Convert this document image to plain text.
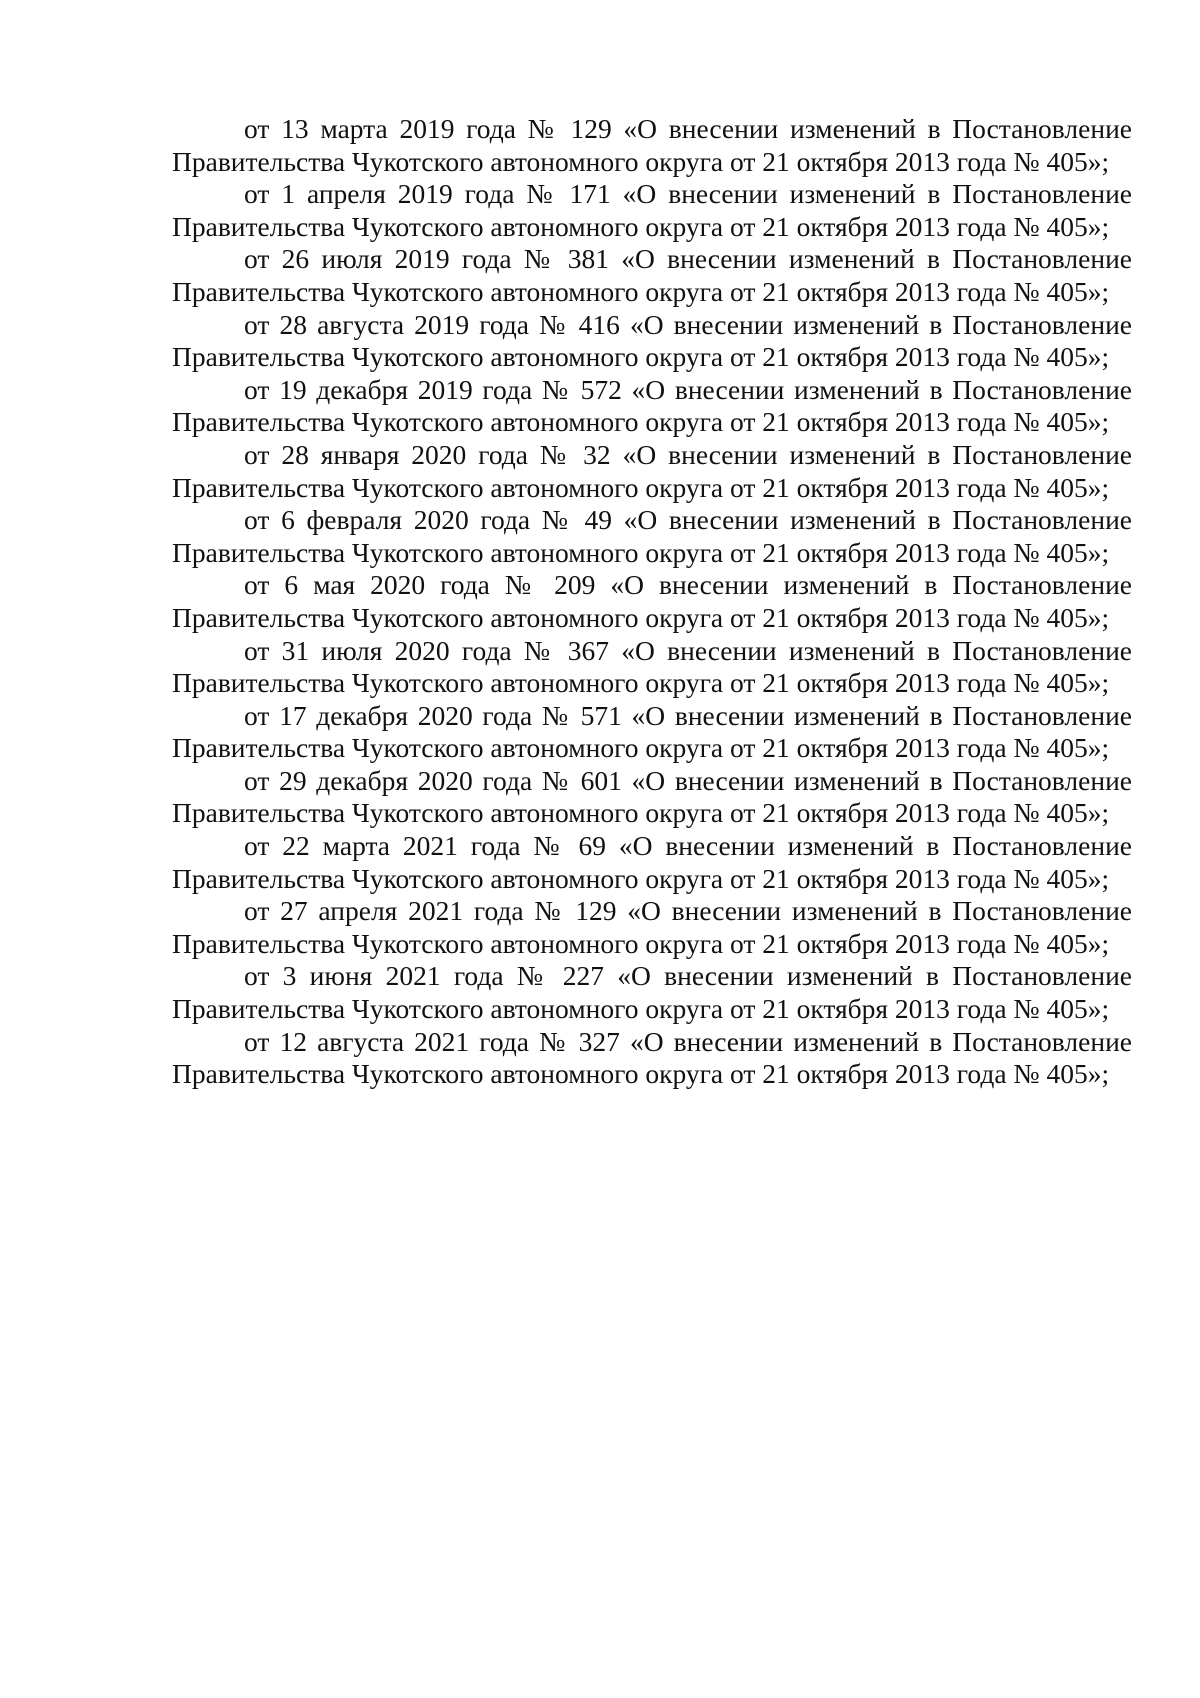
от 13 марта 2019 года № 129 «О внесении изменений в Постановление Правительства Чукотского автономного округа от 21 октября 2013 года № 405»;

от 1 апреля 2019 года № 171 «О внесении изменений в Постановление Правительства Чукотского автономного округа от 21 октября 2013 года № 405»;

от 26 июля 2019 года № 381 «О внесении изменений в Постановление Правительства Чукотского автономного округа от 21 октября 2013 года № 405»;

от 28 августа 2019 года № 416 «О внесении изменений в Постановление Правительства Чукотского автономного округа от 21 октября 2013 года № 405»;

от 19 декабря 2019 года № 572 «О внесении изменений в Постановление Правительства Чукотского автономного округа от 21 октября 2013 года № 405»;

от 28 января 2020 года № 32 «О внесении изменений в Постановление Правительства Чукотского автономного округа от 21 октября 2013 года № 405»;

от 6 февраля 2020 года № 49 «О внесении изменений в Постановление Правительства Чукотского автономного округа от 21 октября 2013 года № 405»;

от 6 мая 2020 года № 209 «О внесении изменений в Постановление Правительства Чукотского автономного округа от 21 октября 2013 года № 405»;

от 31 июля 2020 года № 367 «О внесении изменений в Постановление Правительства Чукотского автономного округа от 21 октября 2013 года № 405»;

от 17 декабря 2020 года № 571 «О внесении изменений в Постановление Правительства Чукотского автономного округа от 21 октября 2013 года № 405»;

от 29 декабря 2020 года № 601 «О внесении изменений в Постановление Правительства Чукотского автономного округа от 21 октября 2013 года № 405»;

от 22 марта 2021 года № 69 «О внесении изменений в Постановление Правительства Чукотского автономного округа от 21 октября 2013 года № 405»;

от 27 апреля 2021 года № 129 «О внесении изменений в Постановление Правительства Чукотского автономного округа от 21 октября 2013 года № 405»;

от 3 июня 2021 года № 227 «О внесении изменений в Постановление Правительства Чукотского автономного округа от 21 октября 2013 года № 405»;

от 12 августа 2021 года № 327 «О внесении изменений в Постановление Правительства Чукотского автономного округа от 21 октября 2013 года № 405»;
